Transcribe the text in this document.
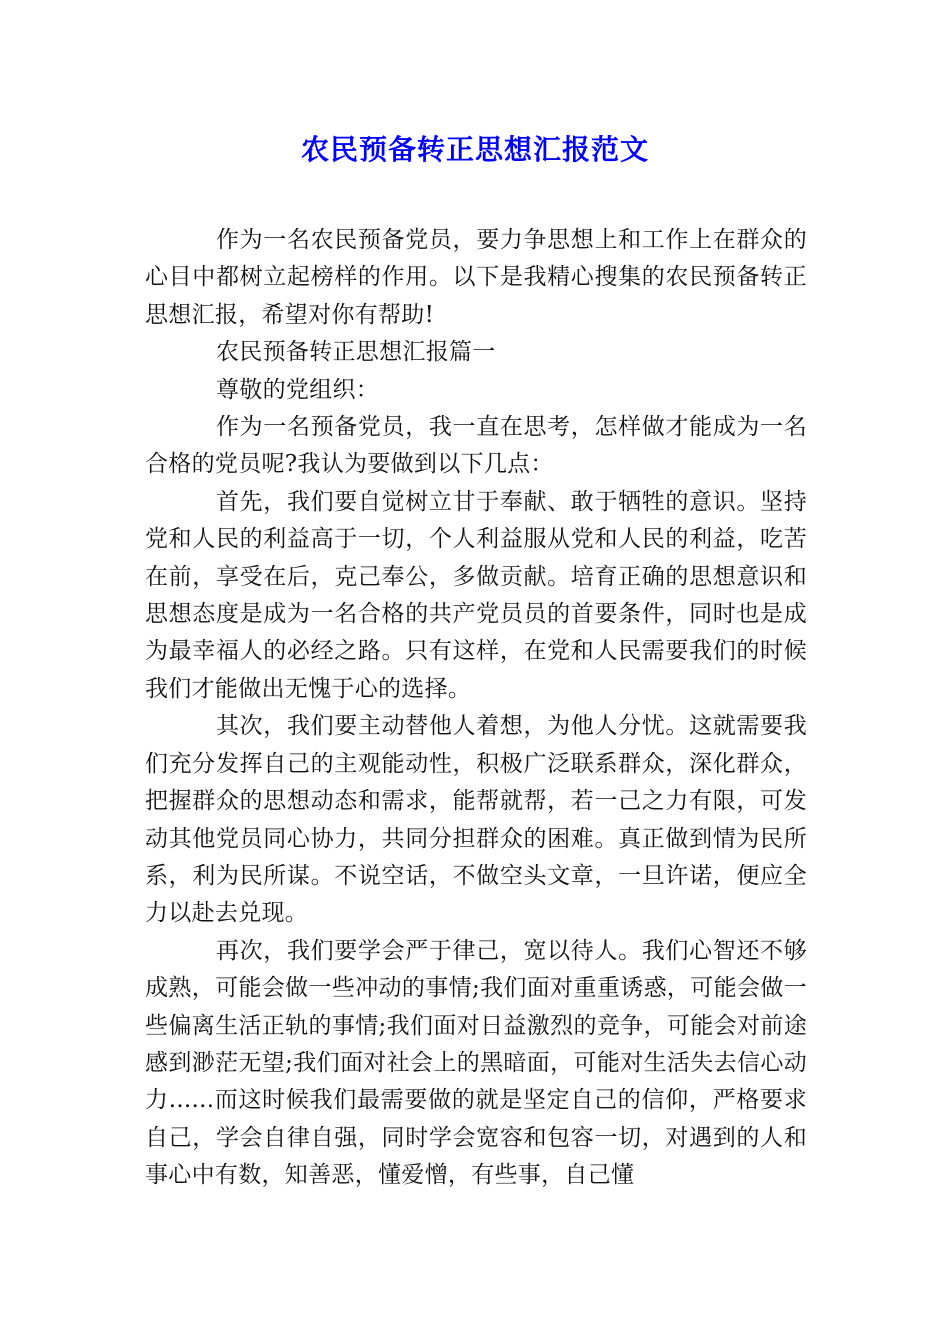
农民预备转正思想汇报范文

作为一名农民预备党员，要力争思想上和工作上在群众的心目中都树立起榜样的作用。以下是我精心搜集的农民预备转正思想汇报，希望对你有帮助!

农民预备转正思想汇报篇一

尊敬的党组织：

作为一名预备党员，我一直在思考，怎样做才能成为一名合格的党员呢?我认为要做到以下几点：

首先，我们要自觉树立甘于奉献、敢于牺牲的意识。坚持党和人民的利益高于一切，个人利益服从党和人民的利益，吃苦在前，享受在后，克己奉公，多做贡献。培育正确的思想意识和思想态度是成为一名合格的共产党员员的首要条件，同时也是成为最幸福人的必经之路。只有这样，在党和人民需要我们的时候我们才能做出无愧于心的选择。

其次，我们要主动替他人着想，为他人分忧。这就需要我们充分发挥自己的主观能动性，积极广泛联系群众，深化群众，把握群众的思想动态和需求，能帮就帮，若一己之力有限，可发动其他党员同心协力，共同分担群众的困难。真正做到情为民所系，利为民所谋。不说空话，不做空头文章，一旦许诺，便应全力以赴去兑现。

再次，我们要学会严于律己，宽以待人。我们心智还不够成熟，可能会做一些冲动的事情;我们面对重重诱惑，可能会做一些偏离生活正轨的事情;我们面对日益激烈的竞争，可能会对前途感到渺茫无望;我们面对社会上的黑暗面，可能对生活失去信心动力......而这时候我们最需要做的就是坚定自己的信仰，严格要求自己，学会自律自强，同时学会宽容和包容一切，对遇到的人和事心中有数，知善恶，懂爱憎，有些事，自己懂
